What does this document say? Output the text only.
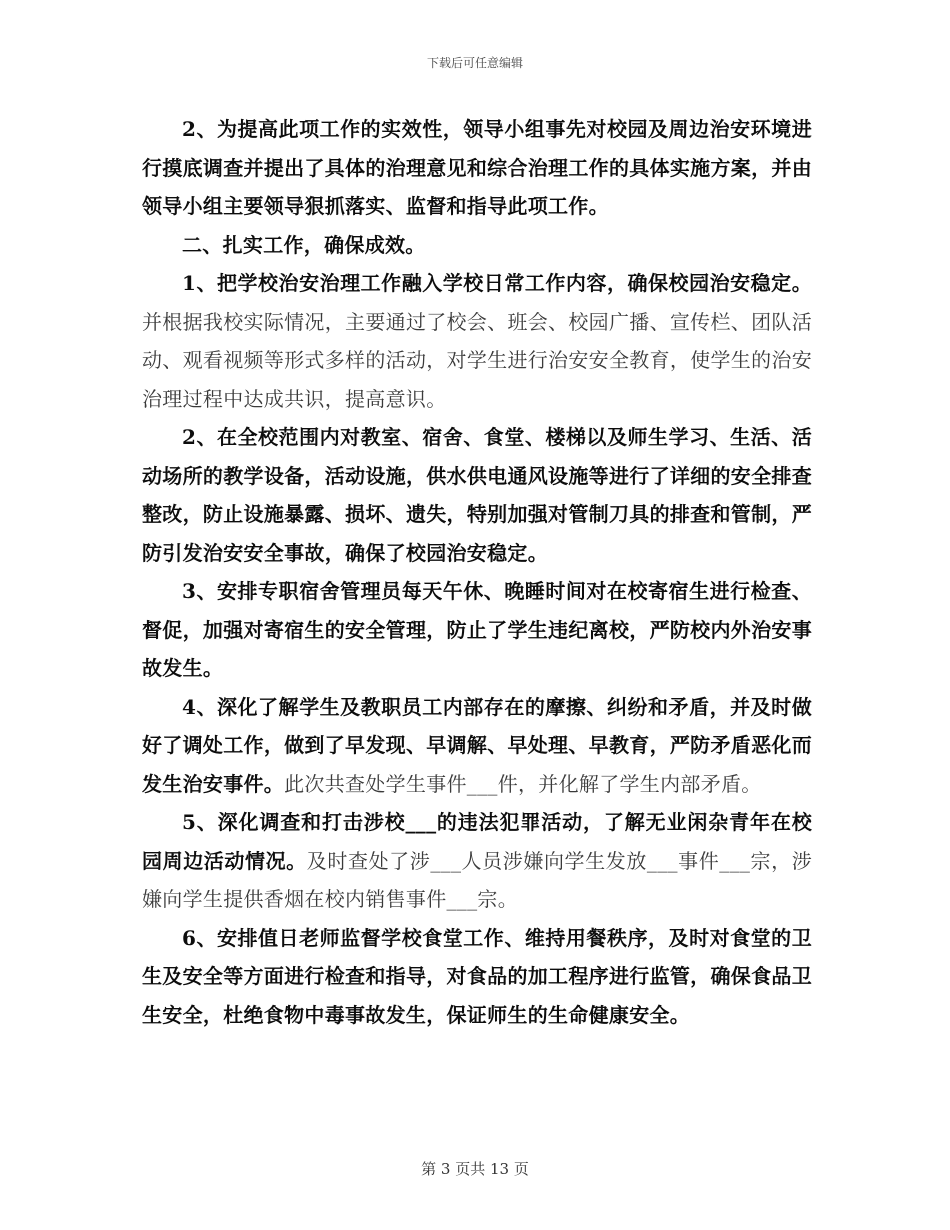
下载后可任意编辑

2、为提高此项工作的实效性，领导小组事先对校园及周边治安环境进行摸底调查并提出了具体的治理意见和综合治理工作的具体实施方案，并由领导小组主要领导狠抓落实、监督和指导此项工作。

二、扎实工作，确保成效。

1、把学校治安治理工作融入学校日常工作内容，确保校园治安稳定。并根据我校实际情况，主要通过了校会、班会、校园广播、宣传栏、团队活动、观看视频等形式多样的活动，对学生进行治安安全教育，使学生的治安治理过程中达成共识，提高意识。

2、在全校范围内对教室、宿舍、食堂、楼梯以及师生学习、生活、活动场所的教学设备，活动设施，供水供电通风设施等进行了详细的安全排查整改，防止设施暴露、损坏、遗失，特别加强对管制刀具的排查和管制，严防引发治安安全事故，确保了校园治安稳定。

3、安排专职宿舍管理员每天午休、晚睡时间对在校寄宿生进行检查、督促，加强对寄宿生的安全管理，防止了学生违纪离校，严防校内外治安事故发生。

4、深化了解学生及教职员工内部存在的摩擦、纠纷和矛盾，并及时做好了调处工作，做到了早发现、早调解、早处理、早教育，严防矛盾恶化而发生治安事件。此次共查处学生事件___件，并化解了学生内部矛盾。

5、深化调查和打击涉校___的违法犯罪活动，了解无业闲杂青年在校园周边活动情况。及时查处了涉___人员涉嫌向学生发放___事件___宗，涉嫌向学生提供香烟在校内销售事件___宗。

6、安排值日老师监督学校食堂工作、维持用餐秩序，及时对食堂的卫生及安全等方面进行检查和指导，对食品的加工程序进行监管，确保食品卫生安全，杜绝食物中毒事故发生，保证师生的生命健康安全。

第 3 页共 13 页
